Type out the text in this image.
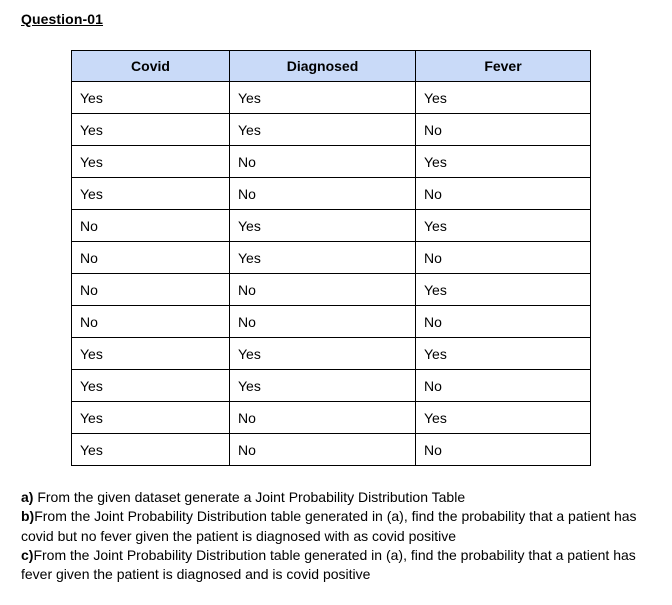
Question-01
Covid	Diagnosed	Fever
Yes	Yes	Yes
Yes	Yes	No
Yes	No	Yes
Yes	No	No
No	Yes	Yes
No	Yes	No
No	No	Yes
No	No	No
Yes	Yes	Yes
Yes	Yes	No
Yes	No	Yes
Yes	No	No

a) From the given dataset generate a Joint Probability Distribution Table

b)From the Joint Probability Distribution table generated in (a), find the probability that a patient has covid but no fever given the patient is diagnosed with as covid positive

c)From the Joint Probability Distribution table generated in (a), find the probability that a patient has fever given the patient is diagnosed and is covid positive
